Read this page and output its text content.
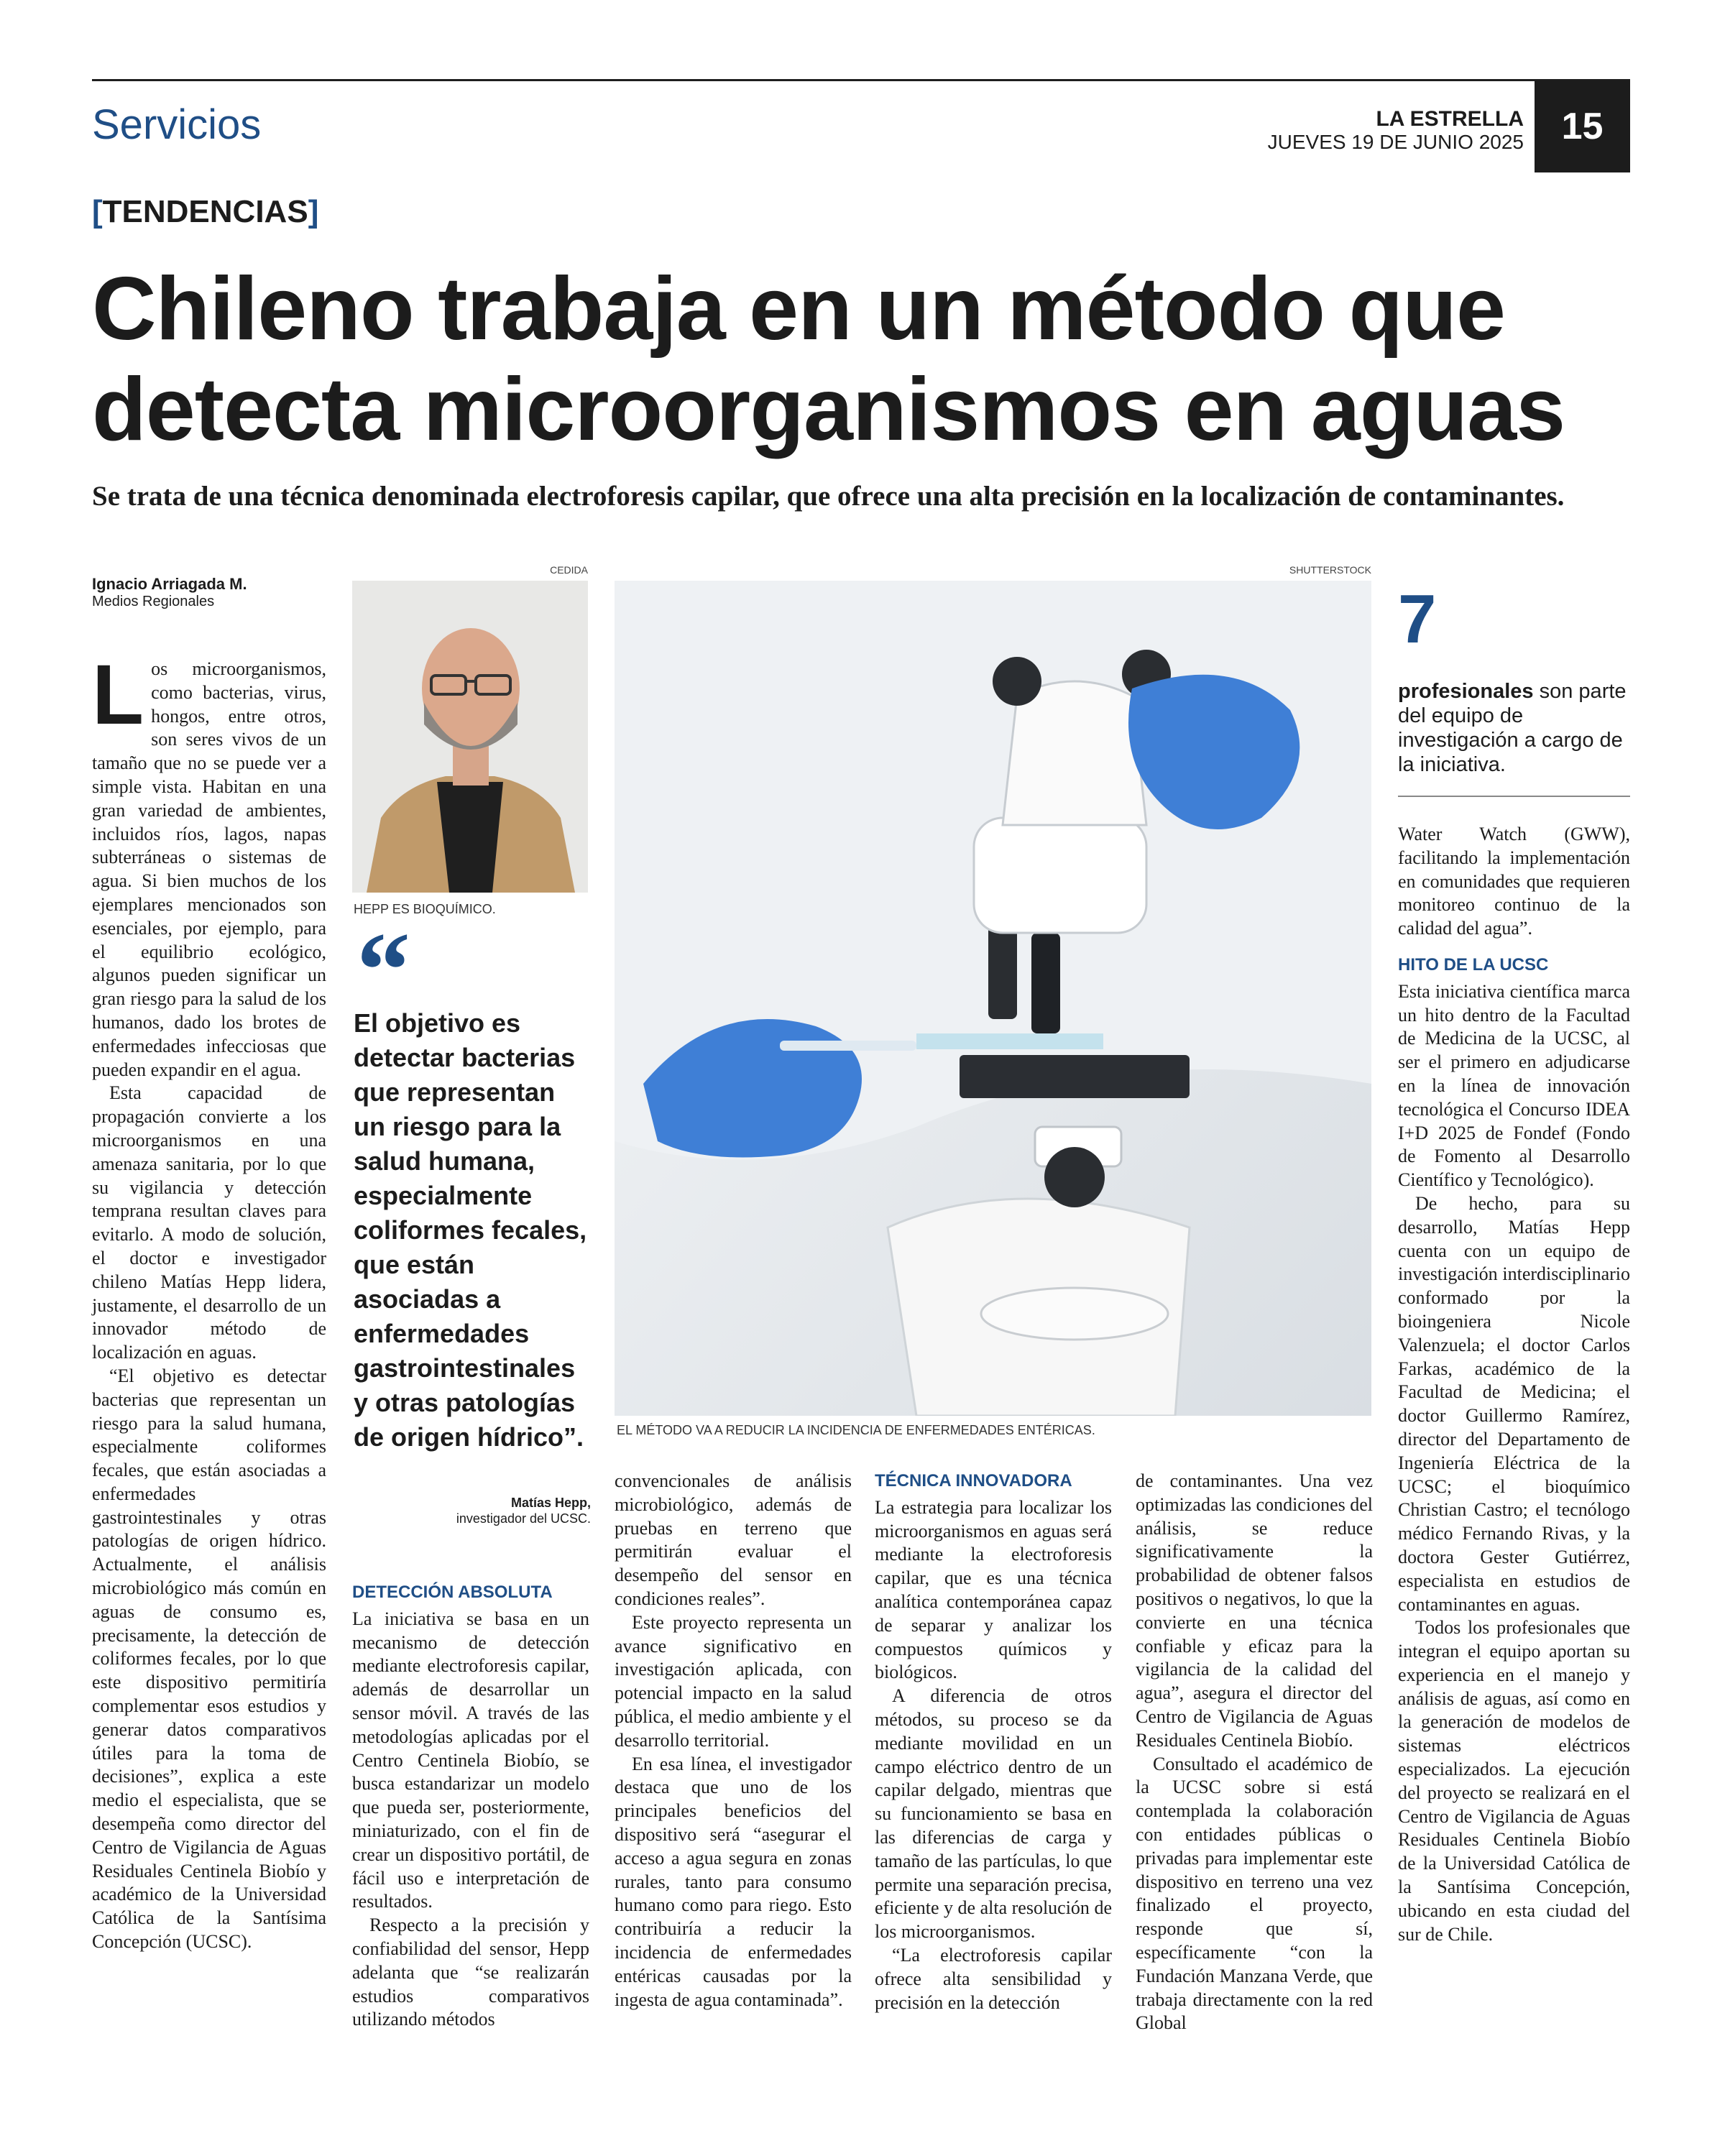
Servicios	LA ESTRELLA
JUEVES 19 DE JUNIO 2025	15
[TENDENCIAS]
Chileno trabaja en un método que detecta microorganismos en aguas
Se trata de una técnica denominada electroforesis capilar, que ofrece una alta precisión en la localización de contaminantes.
Ignacio Arriagada M.
Medios Regionales

Los microorganismos, como bacterias, virus, hongos, entre otros, son seres vivos de un tamaño que no se puede ver a simple vista. Habitan en una gran variedad de ambientes, incluidos ríos, lagos, napas subterráneas o sistemas de agua. Si bien muchos de los ejemplares mencionados son esenciales, por ejemplo, para el equilibrio ecológico, algunos pueden significar un gran riesgo para la salud de los humanos, dado los brotes de enfermedades infecciosas que pueden expandir en el agua.

Esta capacidad de propagación convierte a los microorganismos en una amenaza sanitaria, por lo que su vigilancia y detección temprana resultan claves para evitarlo. A modo de solución, el doctor e investigador chileno Matías Hepp lidera, justamente, el desarrollo de un innovador método de localización en aguas.

“El objetivo es detectar bacterias que representan un riesgo para la salud humana, especialmente coliformes fecales, que están asociadas a enfermedades gastrointestinales y otras patologías de origen hídrico. Actualmente, el análisis microbiológico más común en aguas de consumo es, precisamente, la detección de coliformes fecales, por lo que este dispositivo permitiría complementar esos estudios y generar datos comparativos útiles para la toma de decisiones”, explica a este medio el especialista, que se desempeña como director del Centro de Vigilancia de Aguas Residuales Centinela Biobío y académico de la Universidad Católica de la Santísima Concepción (UCSC).

CEDIDA
HEPP ES BIOQUÍMICO.
“
El objetivo es detectar bacterias que representan un riesgo para la salud humana, especialmente coliformes fecales, que están asociadas a enfermedades gastrointestinales y otras patologías de origen hídrico”.
Matías Hepp,
investigador del UCSC.
SHUTTERSTOCK
EL MÉTODO VA A REDUCIR LA INCIDENCIA DE ENFERMEDADES ENTÉRICAS.
7
profesionales son parte del equipo de investigación a cargo de la iniciativa.
DETECCIÓN ABSOLUTA

La iniciativa se basa en un mecanismo de detección mediante electroforesis capilar, además de desarrollar un sensor móvil. A través de las metodologías aplicadas por el Centro Centinela Biobío, se busca estandarizar un modelo que pueda ser, posteriormente, miniaturizado, con el fin de crear un dispositivo portátil, de fácil uso e interpretación de resultados.

Respecto a la precisión y confiabilidad del sensor, Hepp adelanta que “se realizarán estudios comparativos utilizando métodos

convencionales de análisis microbiológico, además de pruebas en terreno que permitirán evaluar el desempeño del sensor en condiciones reales”.

Este proyecto representa un avance significativo en investigación aplicada, con potencial impacto en la salud pública, el medio ambiente y el desarrollo territorial.

En esa línea, el investigador destaca que uno de los principales beneficios del dispositivo será “asegurar el acceso a agua segura en zonas rurales, tanto para consumo humano como para riego. Esto contribuiría a reducir la incidencia de enfermedades entéricas causadas por la ingesta de agua contaminada”.

TÉCNICA INNOVADORA

La estrategia para localizar los microorganismos en aguas será mediante la electroforesis capilar, que es una técnica analítica contemporánea capaz de separar y analizar los compuestos químicos y biológicos.

A diferencia de otros métodos, su proceso se da mediante movilidad en un campo eléctrico dentro de un capilar delgado, mientras que su funcionamiento se basa en las diferencias de carga y tamaño de las partículas, lo que permite una separación precisa, eficiente y de alta resolución de los microorganismos.

“La electroforesis capilar ofrece alta sensibilidad y precisión en la detección

de contaminantes. Una vez optimizadas las condiciones del análisis, se reduce significativamente la probabilidad de obtener falsos positivos o negativos, lo que la convierte en una técnica confiable y eficaz para la vigilancia de la calidad del agua”, asegura el director del Centro de Vigilancia de Aguas Residuales Centinela Biobío.

Consultado el académico de la UCSC sobre si está contemplada la colaboración con entidades públicas o privadas para implementar este dispositivo en terreno una vez finalizado el proyecto, responde que sí, específicamente “con la Fundación Manzana Verde, que trabaja directamente con la red Global

Water Watch (GWW), facilitando la implementación en comunidades que requieren monitoreo continuo de la calidad del agua”.

HITO DE LA UCSC

Esta iniciativa científica marca un hito dentro de la Facultad de Medicina de la UCSC, al ser el primero en adjudicarse en la línea de innovación tecnológica el Concurso IDEA I+D 2025 de Fondef (Fondo de Fomento al Desarrollo Científico y Tecnológico).

De hecho, para su desarrollo, Matías Hepp cuenta con un equipo de investigación interdisciplinario conformado por la bioingeniera Nicole Valenzuela; el doctor Carlos Farkas, académico de la Facultad de Medicina; el doctor Guillermo Ramírez, director del Departamento de Ingeniería Eléctrica de la UCSC; el bioquímico Christian Castro; el tecnólogo médico Fernando Rivas, y la doctora Gester Gutiérrez, especialista en estudios de contaminantes en aguas.

Todos los profesionales que integran el equipo aportan su experiencia en el manejo y análisis de aguas, así como en la generación de modelos de sistemas eléctricos especializados. La ejecución del proyecto se realizará en el Centro de Vigilancia de Aguas Residuales Centinela Biobío de la Universidad Católica de la Santísima Concepción, ubicando en esta ciudad del sur de Chile.
